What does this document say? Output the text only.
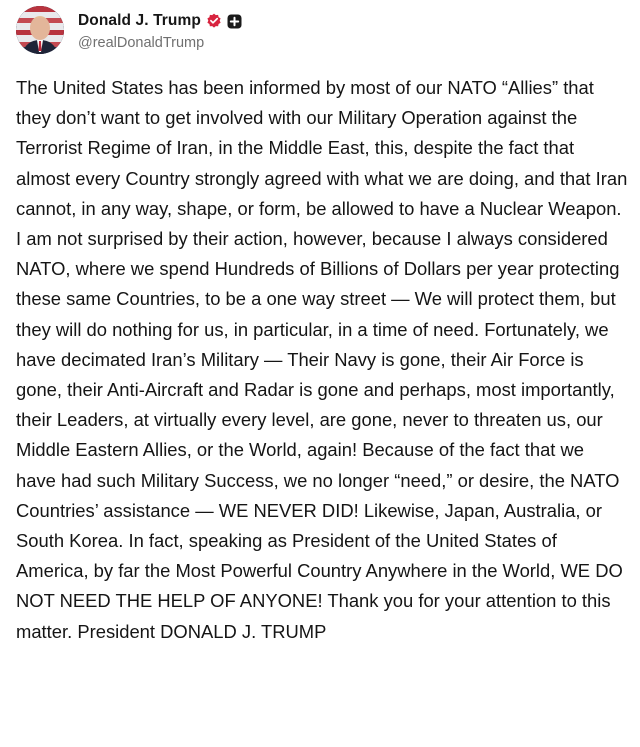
Donald J. Trump
@realDonaldTrump
The United States has been informed by most of our NATO “Allies” that they don’t want to get involved with our Military Operation against the Terrorist Regime of Iran, in the Middle East, this, despite the fact that almost every Country strongly agreed with what we are doing, and that Iran cannot, in any way, shape, or form, be allowed to have a Nuclear Weapon. I am not surprised by their action, however, because I always considered NATO, where we spend Hundreds of Billions of Dollars per year protecting these same Countries, to be a one way street — We will protect them, but they will do nothing for us, in particular, in a time of need. Fortunately, we have decimated Iran’s Military — Their Navy is gone, their Air Force is gone, their Anti-Aircraft and Radar is gone and perhaps, most importantly, their Leaders, at virtually every level, are gone, never to threaten us, our Middle Eastern Allies, or the World, again! Because of the fact that we have had such Military Success, we no longer “need,” or desire, the NATO Countries’ assistance — WE NEVER DID! Likewise, Japan, Australia, or South Korea. In fact, speaking as President of the United States of America, by far the Most Powerful Country Anywhere in the World, WE DO NOT NEED THE HELP OF ANYONE! Thank you for your attention to this matter. President DONALD J. TRUMP
